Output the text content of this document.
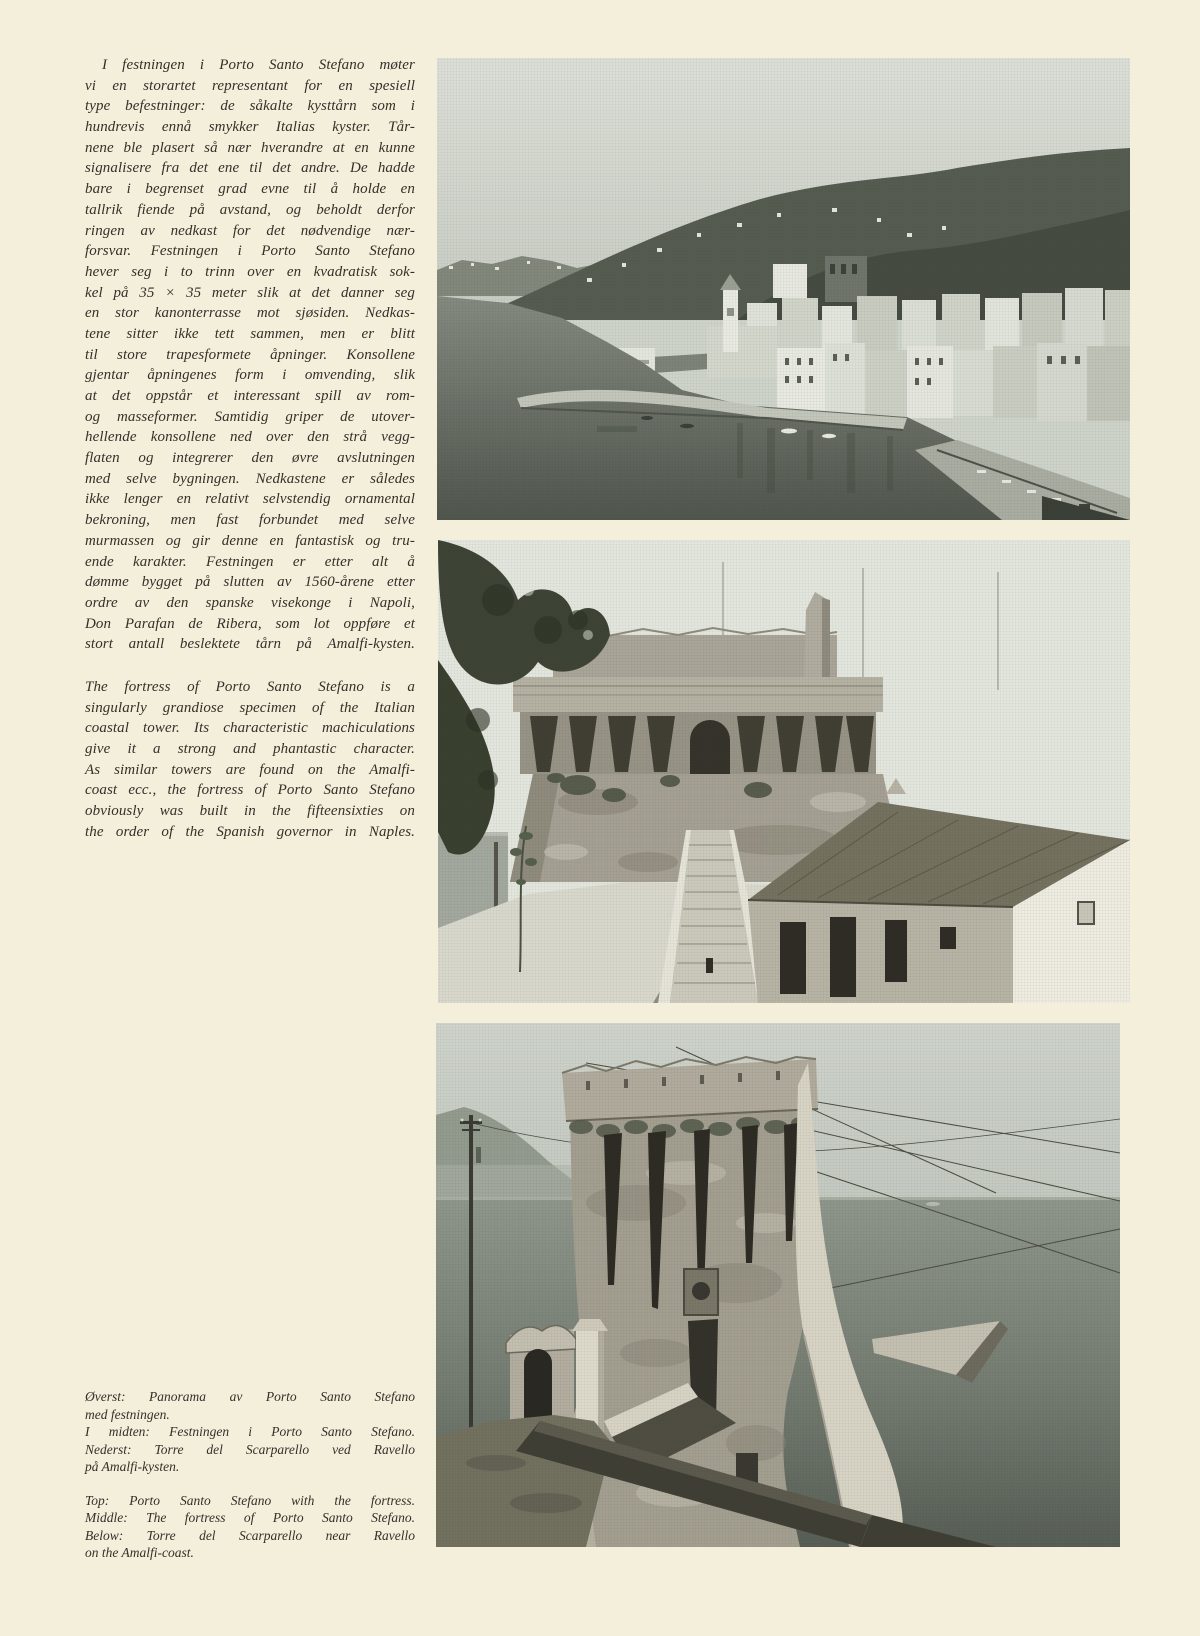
I festningen i Porto Santo Stefano møter
vi en storartet representant for en spesiell
type befestninger: de såkalte kysttårn som i
hundrevis ennå smykker Italias kyster. Tår-
nene ble plasert så nær hverandre at en kunne
signalisere fra det ene til det andre. De hadde
bare i begrenset grad evne til å holde en
tallrik fiende på avstand, og beholdt derfor
ringen av nedkast for det nødvendige nær-
forsvar. Festningen i Porto Santo Stefano
hever seg i to trinn over en kvadratisk sok-
kel på 35 × 35 meter slik at det danner seg
en stor kanonterrasse mot sjøsiden. Nedkas-
tene sitter ikke tett sammen, men er blitt
til store trapesformete åpninger. Konsollene
gjentar åpningenes form i omvending, slik
at det oppstår et interessant spill av rom-
og masseformer. Samtidig griper de utover-
hellende konsollene ned over den strå vegg-
flaten og integrerer den øvre avslutningen
med selve bygningen. Nedkastene er således
ikke lenger en relativt selvstendig ornamental
bekroning, men fast forbundet med selve
murmassen og gir denne en fantastisk og tru-
ende karakter. Festningen er etter alt å
dømme bygget på slutten av 1560-årene etter
ordre av den spanske visekonge i Napoli,
Don Parafan de Ribera, som lot oppføre et
stort antall beslektete tårn på Amalfi-kysten.
The fortress of Porto Santo Stefano is a
singularly grandiose specimen of the Italian
coastal tower. Its characteristic machiculations
give it a strong and phantastic character.
As similar towers are found on the Amalfi-
coast ecc., the fortress of Porto Santo Stefano
obviously was built in the fifteensixties on
the order of the Spanish governor in Naples.
Øverst: Panorama av Porto Santo Stefano
med festningen.
I midten: Festningen i Porto Santo Stefano.
Nederst: Torre del Scarparello ved Ravello
på Amalfi-kysten.
Top: Porto Santo Stefano with the fortress.
Middle: The fortress of Porto Santo Stefano.
Below: Torre del Scarparello near Ravello
on the Amalfi-coast.
